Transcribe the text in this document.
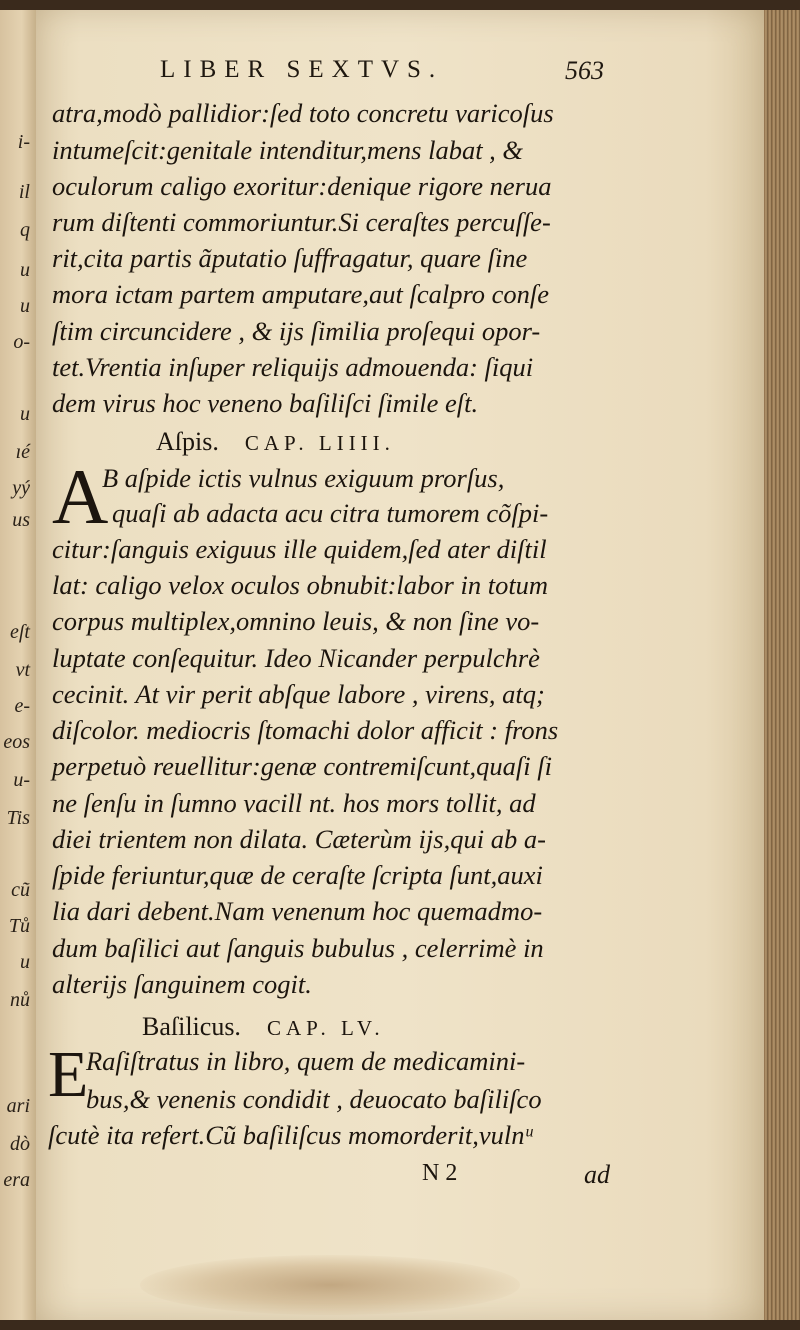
i-
il
q
u
u
o-
u
ıé
yý
us
eſt
vt
e-
eos
u-
Tis
cũ
Tů
u
nů
ari
dò
era
LIBER SEXTVS.	563
atra,modò pallidior:ſed toto concretu varicoſus
intumeſcit:genitale intenditur,mens labat , &
oculorum caligo exoritur:denique rigore nerua
rum diſtenti commoriuntur.Si ceraſtes percuſſe-
rit,cita partis ãputatio ſuffragatur, quare ſine
mora ictam partem amputare,aut ſcalpro conſe
ſtim circuncidere , & ijs ſimilia proſequi opor-
tet.Vrentia inſuper reliquijs admouenda: ſiqui
dem virus hoc veneno baſiliſci ſimile eſt.
Aſpis. CAP. LIIII.
A
B aſpide ictis vulnus exiguum prorſus,
quaſi ab adacta acu citra tumorem cõſpi-
citur:ſanguis exiguus ille quidem,ſed ater diſtil
lat: caligo velox oculos obnubit:labor in totum
corpus multiplex,omnino leuis, & non ſine vo-
luptate conſequitur. Ideo Nicander perpulchrè
cecinit. At vir perit abſque labore , virens, atq;
diſcolor. mediocris ſtomachi dolor afficit : frons
perpetuò reuellitur:genæ contremiſcunt,quaſi ſi
ne ſenſu in ſumno vacill nt. hos mors tollit, ad
diei trientem non dilata. Cæterùm ijs,qui ab a-
ſpide feriuntur,quæ de ceraſte ſcripta ſunt,auxi
lia dari debent.Nam venenum hoc quemadmo-
dum baſilici aut ſanguis bubulus , celerrimè in
alterijs ſanguinem cogit.
Baſilicus. CAP. LV.
E
Raſiſtratus in libro, quem de medicamini-
bus,& venenis condidit , deuocato baſiliſco
ſcutè ita refert.Cũ baſiliſcus momorderit,vulnᵘ
N 2	ad
